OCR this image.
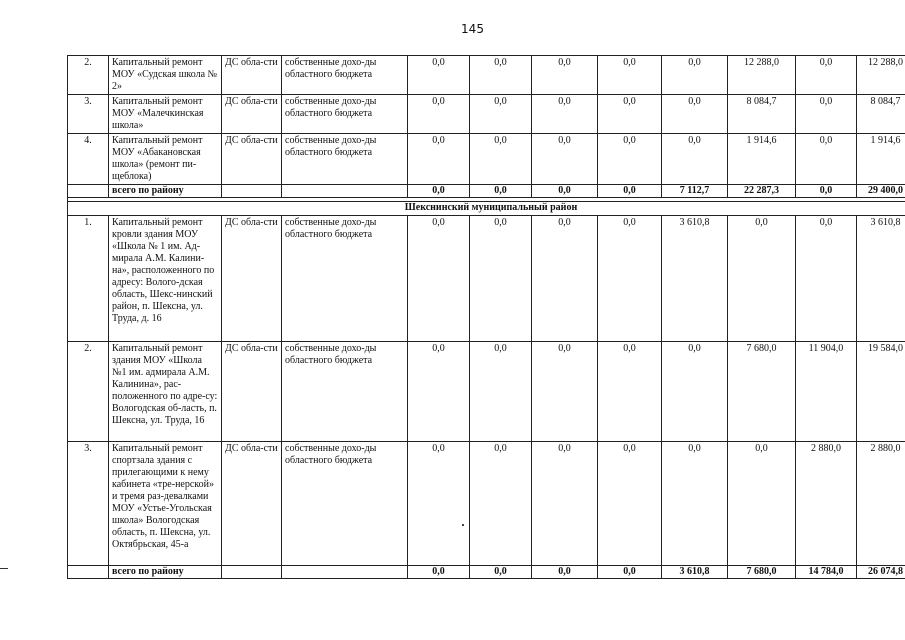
145
2.	Капитальный ремонт МОУ «Судская школа № 2»	ДС обла-сти	собственные дохо-ды областного бюджета	0,0	0,0	0,0	0,0	0,0	12 288,0	0,0	12 288,0
3.	Капитальный ремонт МОУ «Малечкинская школа»	ДС обла-сти	собственные дохо-ды областного бюджета	0,0	0,0	0,0	0,0	0,0	8 084,7	0,0	8 084,7
4.	Капитальный ремонт МОУ «Абакановская школа» (ремонт пи-щеблока)	ДС обла-сти	собственные дохо-ды областного бюджета	0,0	0,0	0,0	0,0	0,0	1 914,6	0,0	1 914,6
	всего по району			0,0	0,0	0,0	0,0	7 112,7	22 287,3	0,0	29 400,0

Шекснинский муниципальный район											
1.	Капитальный ремонт кровли здания МОУ «Школа № 1 им. Ад-мирала А.М. Калини-на», расположенного по адресу: Волого-дская область, Шекс-нинский район, п. Шексна, ул. Труда, д. 16	ДС обла-сти	собственные дохо-ды областного бюджета	0,0	0,0	0,0	0,0	3 610,8	0,0	0,0	3 610,8
2.	Капитальный ремонт здания МОУ «Школа №1 им. адмирала А.М. Калинина», рас-положенного по адре-су: Вологодская об-ласть, п. Шексна, ул. Труда, 16	ДС обла-сти	собственные дохо-ды областного бюджета	0,0	0,0	0,0	0,0	0,0	7 680,0	11 904,0	19 584,0
3.	Капитальный ремонт спортзала здания с прилегающими к нему кабинета «тре-нерской» и тремя раз-девалками МОУ «Устье-Угольская школа» Вологодская область, п. Шексна, ул. Октябрьская, 45-а	ДС обла-сти	собственные дохо-ды областного бюджета	0,0	0,0	0,0	0,0	0,0	0,0	2 880,0	2 880,0
	всего по району			0,0	0,0	0,0	0,0	3 610,8	7 680,0	14 784,0	26 074,8
